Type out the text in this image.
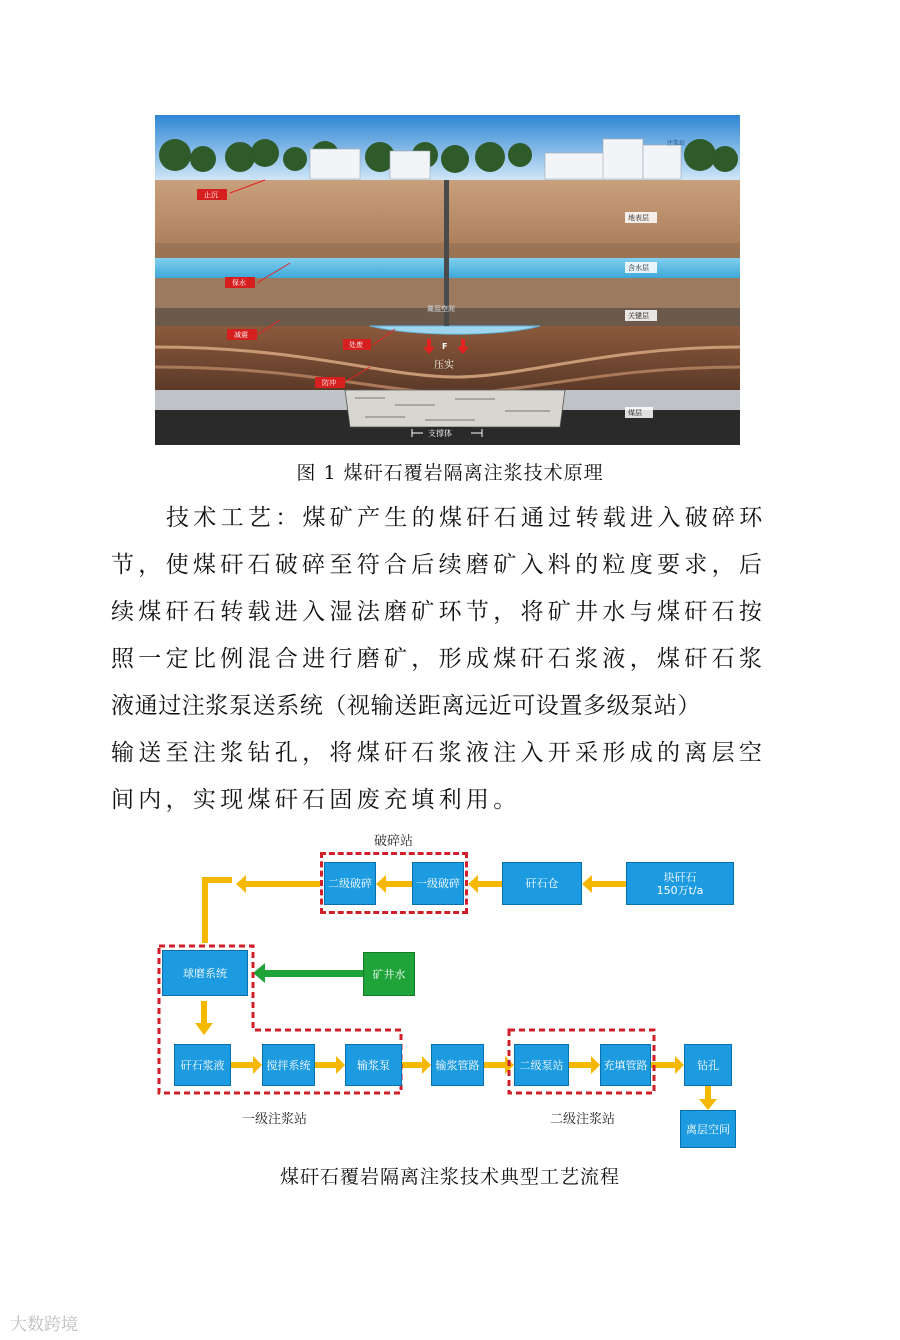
注浆站
F
压实
离层空间
地表层
含水层
关键层
煤层
止沉
保水
减震
处废
防冲
支撑体
图 1 煤矸石覆岩隔离注浆技术原理

技术工艺：煤矿产生的煤矸石通过转载进入破碎环
节，使煤矸石破碎至符合后续磨矿入料的粒度要求，后
续煤矸石转载进入湿法磨矿环节，将矿井水与煤矸石按
照一定比例混合进行磨矿，形成煤矸石浆液，煤矸石浆
液通过注浆泵送系统（视输送距离远近可设置多级泵站）
输送至注浆钻孔，将煤矸石浆液注入开采形成的离层空
间内，实现煤矸石固废充填利用。

破碎站
二级破碎	一级破碎	矸石仓	块矸石
150万t/a
球磨系统	矿井水
矸石浆液	搅拌系统	输浆泵	输浆管路	二级泵站	充填管路	钻孔
离层空间
一级注浆站	二级注浆站
煤矸石覆岩隔离注浆技术典型工艺流程
大数跨境
